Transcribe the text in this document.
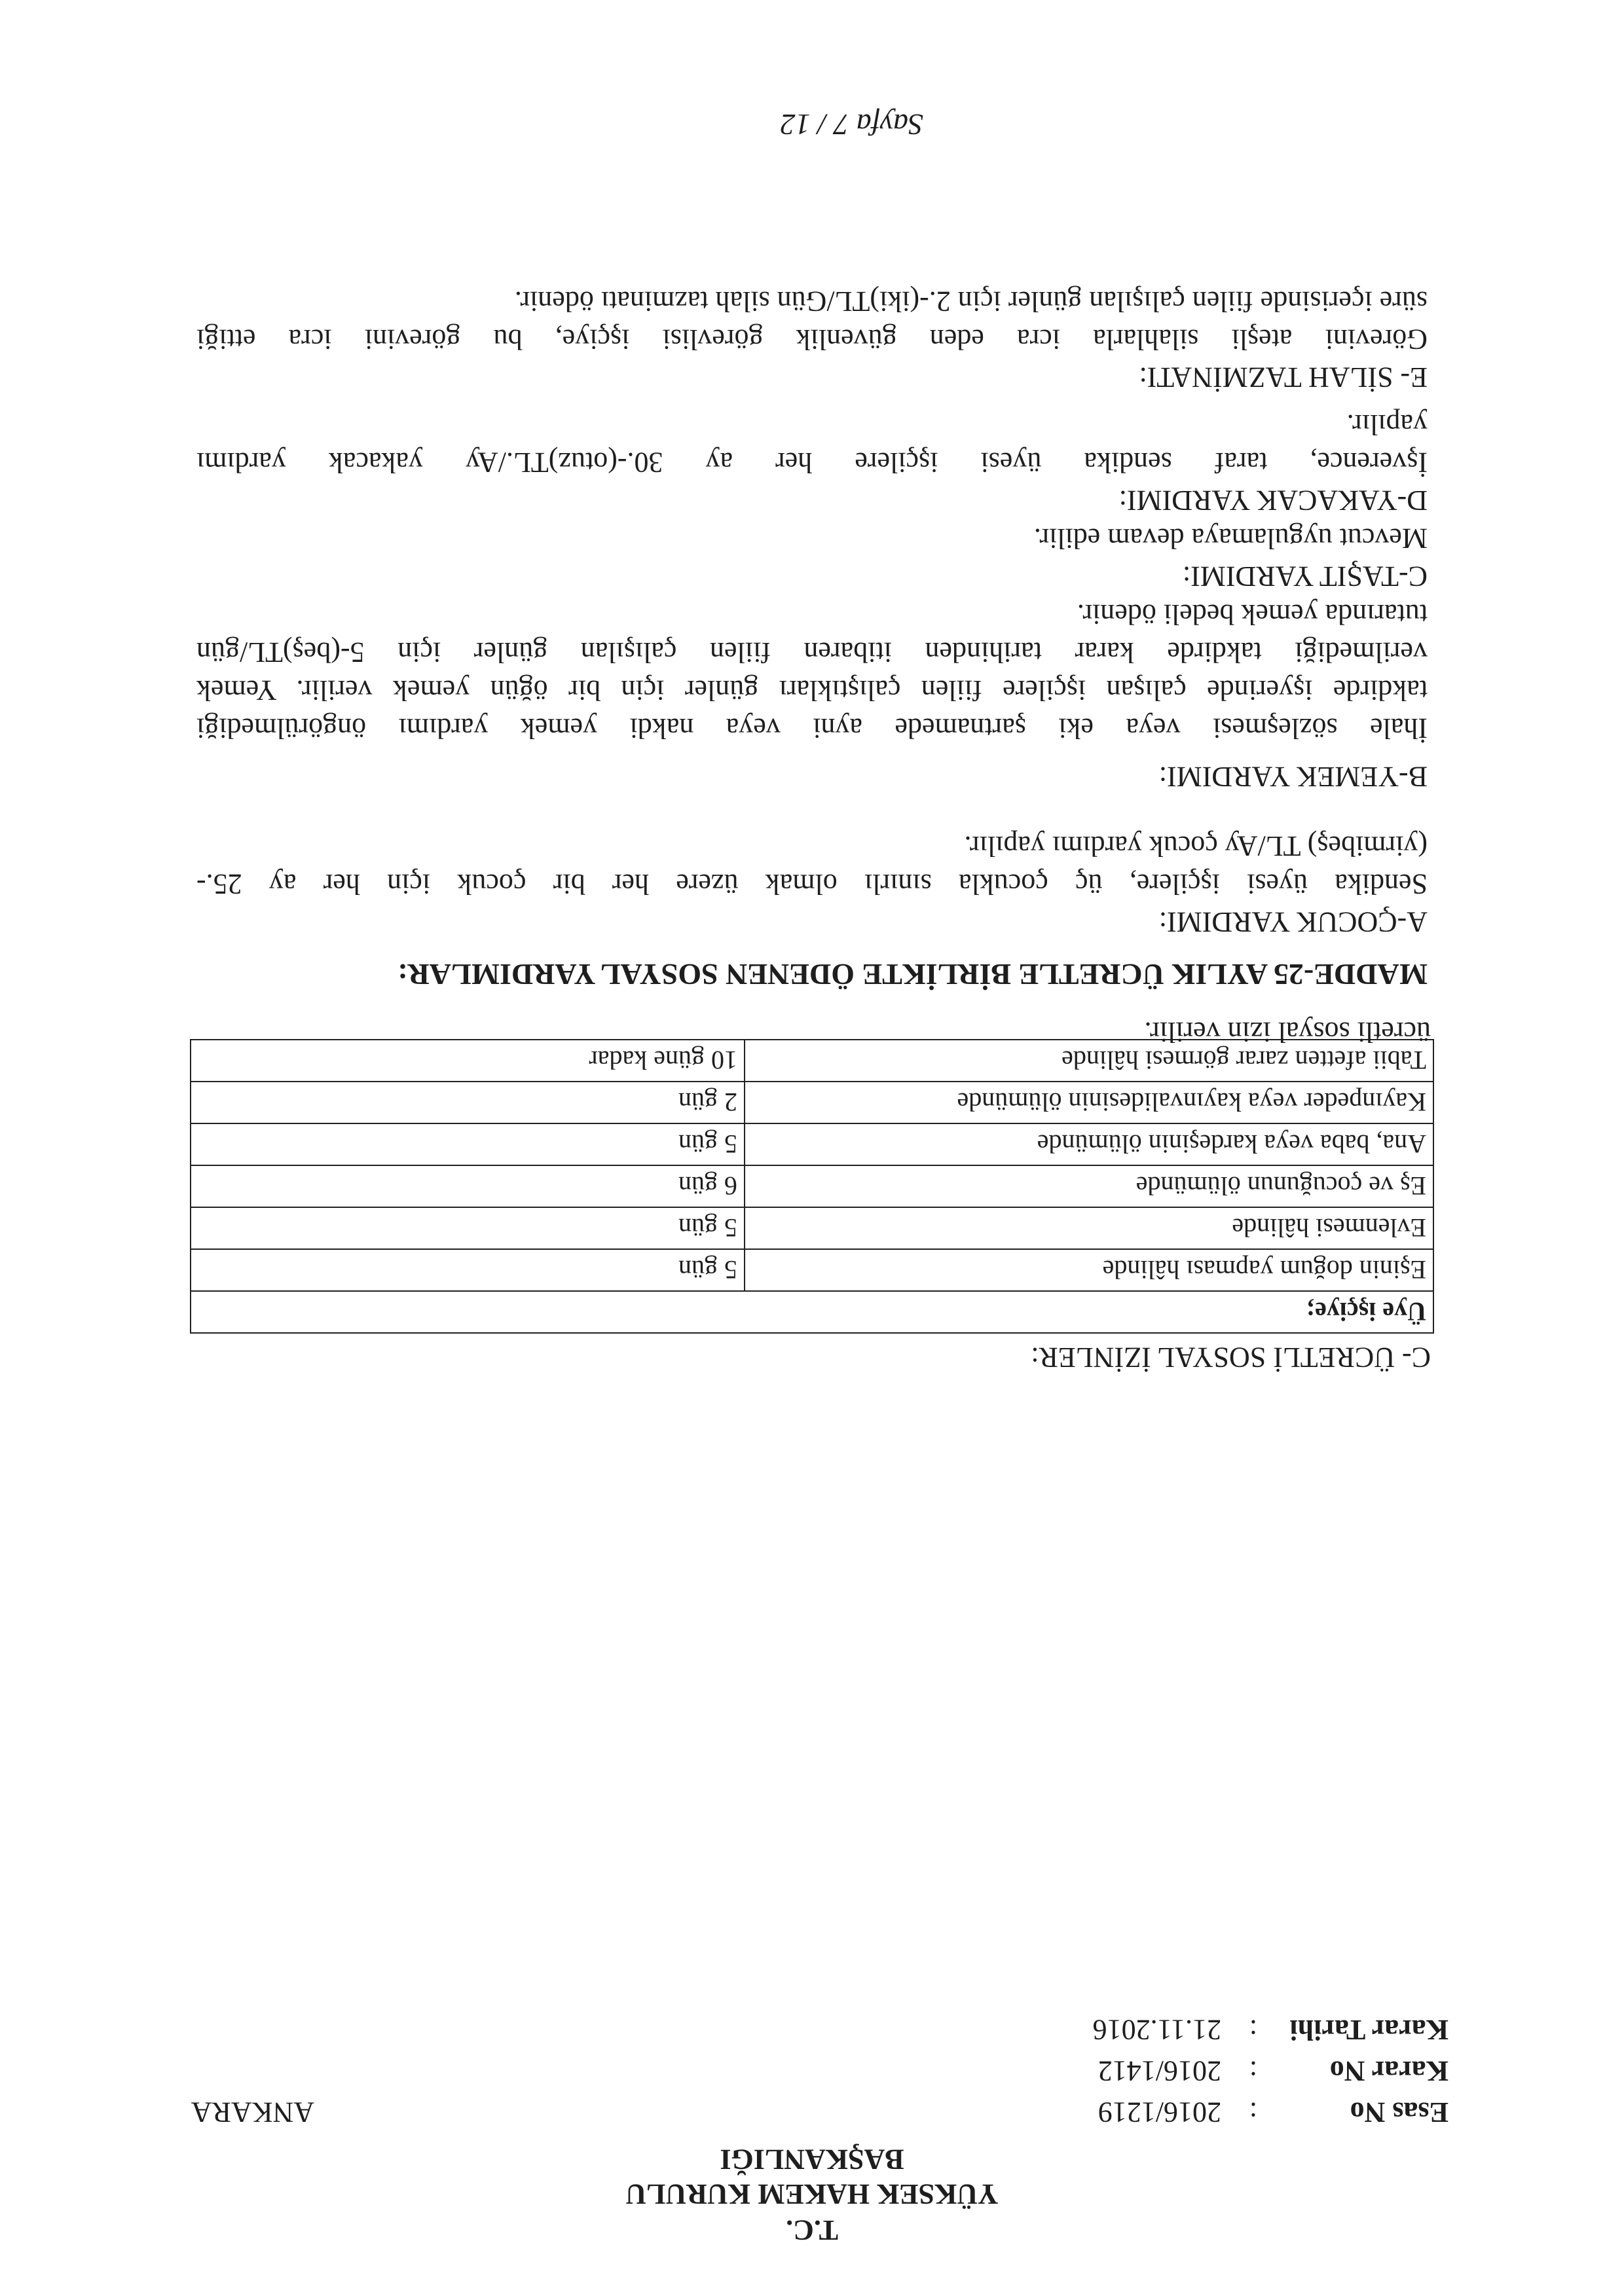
T.C.
YÜKSEK HAKEM KURULU
BAŞKANLIĞI
Esas No
:
2016/1219
Karar No
:
2016/1412
Karar Tarihi
:
21.11.2016
ANKARA
C- ÜCRETLİ SOSYAL İZİNLER:
Üye işçiye;	
Eşinin doğum yapması hâlinde	5 gün
Evlenmesi hâlinde	5 gün
Eş ve çocuğunun ölümünde	6 gün
Ana, baba veya kardeşinin ölümünde	5 gün
Kayınpeder veya kayınvalidesinin ölümünde	2 gün
Tabii afetten zarar görmesi hâlinde	10 güne kadar
ücretli sosyal izin verilir.
MADDE-25 AYLIK ÜCRETLE BİRLİKTE ÖDENEN SOSYAL YARDIMLAR:
A-ÇOCUK YARDIMI:
Sendika üyesi işçilere, üç çocukla sınırlı olmak üzere her bir çocuk için her ay 25.-
(yirmibeş) TL/Ay çocuk yardımı yapılır.
B-YEMEK YARDIMI:
İhale sözleşmesi veya eki şartnamede ayni veya nakdi yemek yardımı öngörülmediği
takdirde işyerinde çalışan işçilere fiilen çalıştıkları günler için bir öğün yemek verilir. Yemek
verilmediği takdirde karar tarihinden itibaren fiilen çalışılan günler için 5-(beş)TL/gün
tutarında yemek bedeli ödenir.
C-TAŞIT YARDIMI:
Mevcut uygulamaya devam edilir.
D-YAKACAK YARDIMI:
İşverence, taraf sendika üyesi işçilere her ay 30.-(otuz)TL./Ay yakacak yardımı
yapılır.
E- SİLAH TAZMİNATI:
Görevini ateşli silahlarla icra eden güvenlik görevlisi işçiye, bu görevini icra ettiği
süre içerisinde fiilen çalışılan günler için 2.-(iki)TL/Gün silah tazminatı ödenir.
Sayfa 7 / 12
